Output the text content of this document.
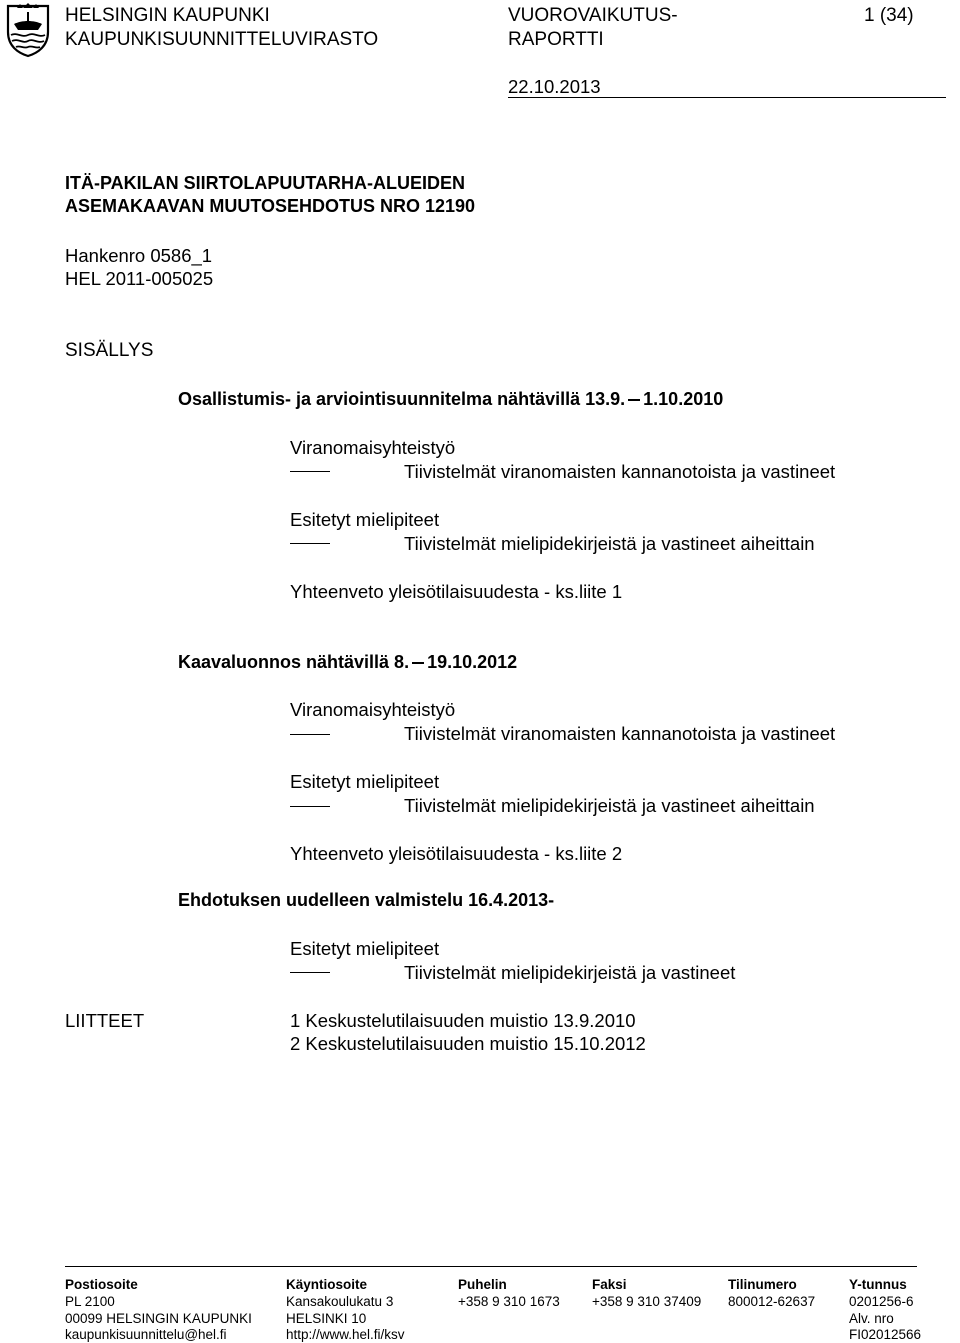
HELSINGIN KAUPUNKI
KAUPUNKISUUNNITTELUVIRASTO
VUOROVAIKUTUS-
RAPORTTI
1 (34)
22.10.2013
ITÄ-PAKILAN SIIRTOLAPUUTARHA-ALUEIDEN
ASEMAKAAVAN MUUTOSEHDOTUS NRO 12190
Hankenro 0586_1
HEL 2011-005025
SISÄLLYS
Osallistumis- ja arviointisuunnitelma nähtävillä 13.9. 1.10.2010
Viranomaisyhteistyö
Tiivistelmät viranomaisten kannanotoista ja vastineet
Esitetyt mielipiteet
Tiivistelmät mielipidekirjeistä ja vastineet aiheittain
Yhteenveto yleisötilaisuudesta - ks.liite 1
Kaavaluonnos nähtävillä 8. 19.10.2012
Viranomaisyhteistyö
Tiivistelmät viranomaisten kannanotoista ja vastineet
Esitetyt mielipiteet
Tiivistelmät mielipidekirjeistä ja vastineet aiheittain
Yhteenveto yleisötilaisuudesta - ks.liite 2
Ehdotuksen uudelleen valmistelu 16.4.2013-
Esitetyt mielipiteet
Tiivistelmät mielipidekirjeistä ja vastineet
LIITTEET	1 Keskustelutilaisuuden muistio 13.9.2010
2 Keskustelutilaisuuden muistio 15.10.2012
Postiosoite
PL 2100
00099 HELSINGIN KAUPUNKI
kaupunkisuunnittelu@hel.fi
Käyntiosoite
Kansakoulukatu 3
HELSINKI 10
http://www.hel.fi/ksv
Puhelin
+358 9 310 1673
Faksi
+358 9 310 37409
Tilinumero
800012-62637
Y-tunnus
0201256-6
Alv. nro
FI02012566
